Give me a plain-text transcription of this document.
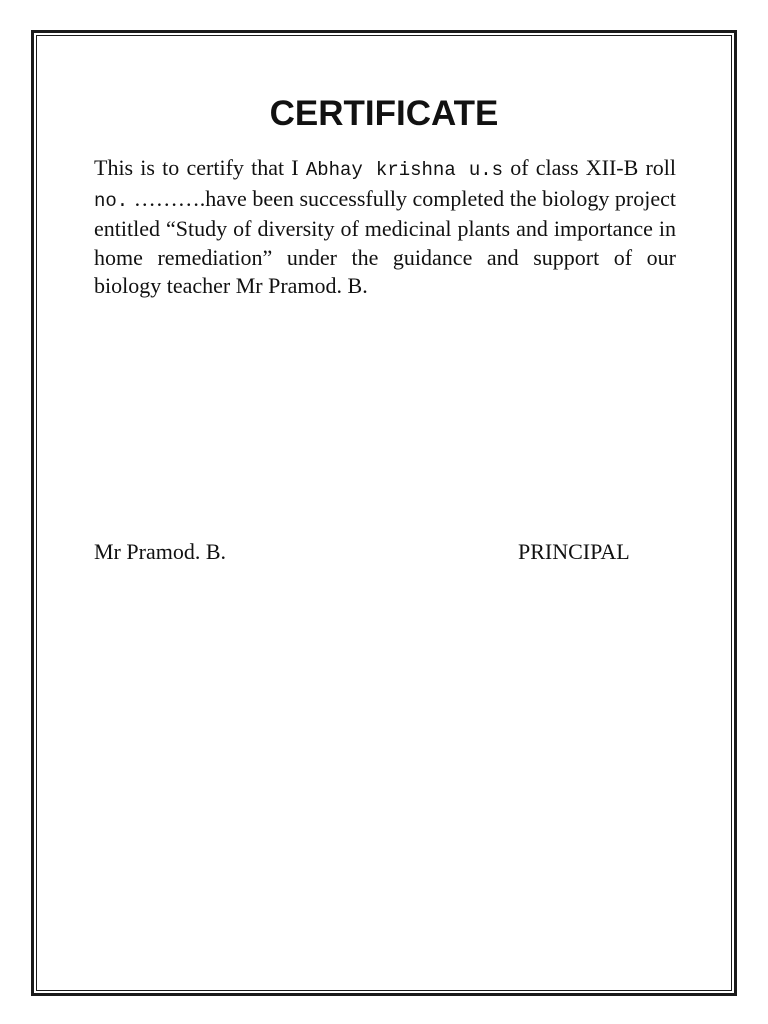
CERTIFICATE

This is to certify that I Abhay krishna u.s of class XII-B roll no. ……….have been successfully completed the biology project entitled “Study of diversity of medicinal plants and importance in home remediation” under the guidance and support of our biology teacher Mr Pramod. B.

Mr Pramod. B.	PRINCIPAL
